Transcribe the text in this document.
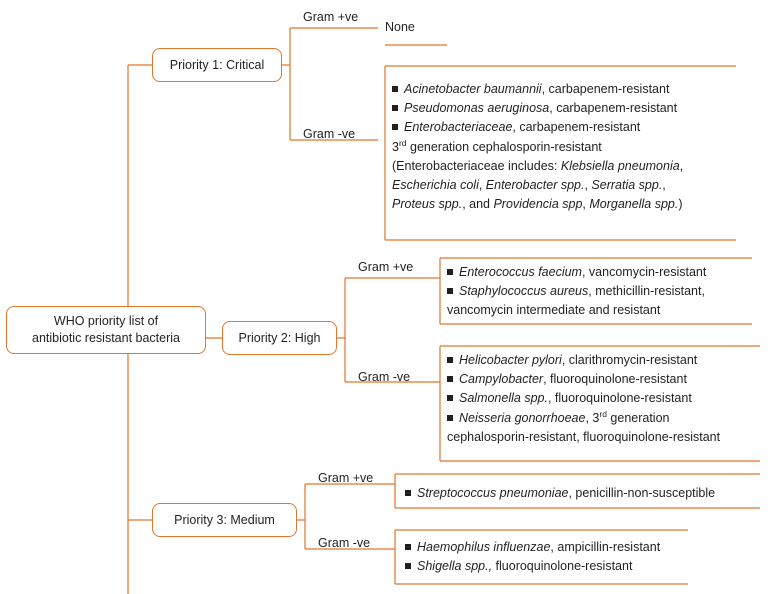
WHO priority list of
antibiotic resistant bacteria
Priority 1: Critical
Priority 2: High
Priority 3: Medium
Gram +ve
Gram -ve
Gram +ve
Gram -ve
Gram +ve
Gram -ve
None
Acinetobacter baumannii, carbapenem-resistant
Pseudomonas aeruginosa, carbapenem-resistant
Enterobacteriaceae, carbapenem-resistant
3rd generation cephalosporin-resistant
(Enterobacteriaceae includes: Klebsiella pneumonia,
Escherichia coli, Enterobacter spp., Serratia spp.,
Proteus spp., and Providencia spp, Morganella spp.)
Enterococcus faecium, vancomycin-resistant
Staphylococcus aureus, methicillin-resistant,
vancomycin intermediate and resistant
Helicobacter pylori, clarithromycin-resistant
Campylobacter, fluoroquinolone-resistant
Salmonella spp., fluoroquinolone-resistant
Neisseria gonorrhoeae, 3rd generation
cephalosporin-resistant, fluoroquinolone-resistant
Streptococcus pneumoniae, penicillin-non-susceptible
Haemophilus influenzae, ampicillin-resistant
Shigella spp., fluoroquinolone-resistant
